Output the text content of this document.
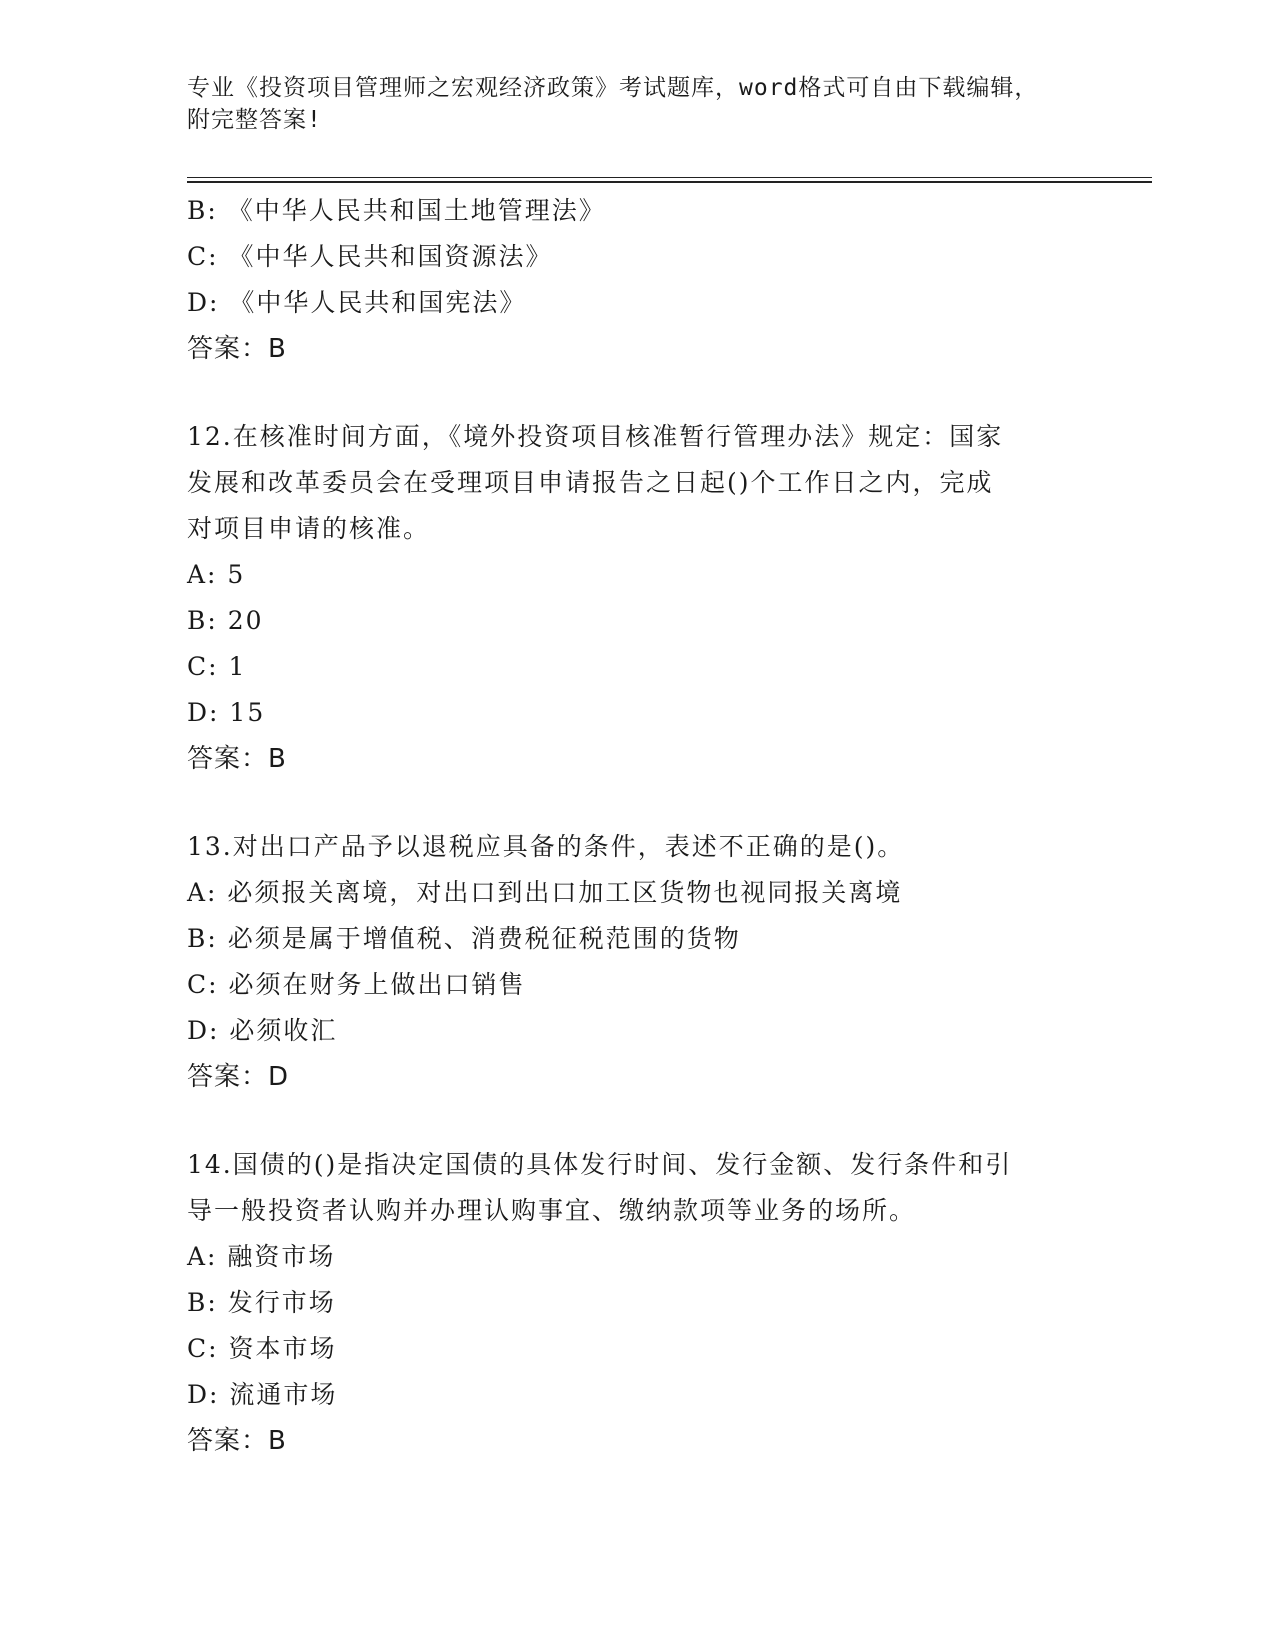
专业《投资项目管理师之宏观经济政策》考试题库，word格式可自由下载编辑，
附完整答案!
B: 《中华人民共和国土地管理法》
C: 《中华人民共和国资源法》
D: 《中华人民共和国宪法》
答案：B
12.在核准时间方面，《境外投资项目核准暂行管理办法》规定：国家
发展和改革委员会在受理项目申请报告之日起()个工作日之内，完成
对项目申请的核准。
A: 5
B: 20
C: 1
D: 15
答案：B
13.对出口产品予以退税应具备的条件，表述不正确的是()。
A: 必须报关离境，对出口到出口加工区货物也视同报关离境
B: 必须是属于增值税、消费税征税范围的货物
C: 必须在财务上做出口销售
D: 必须收汇
答案：D
14.国债的()是指决定国债的具体发行时间、发行金额、发行条件和引
导一般投资者认购并办理认购事宜、缴纳款项等业务的场所。
A: 融资市场
B: 发行市场
C: 资本市场
D: 流通市场
答案：B
